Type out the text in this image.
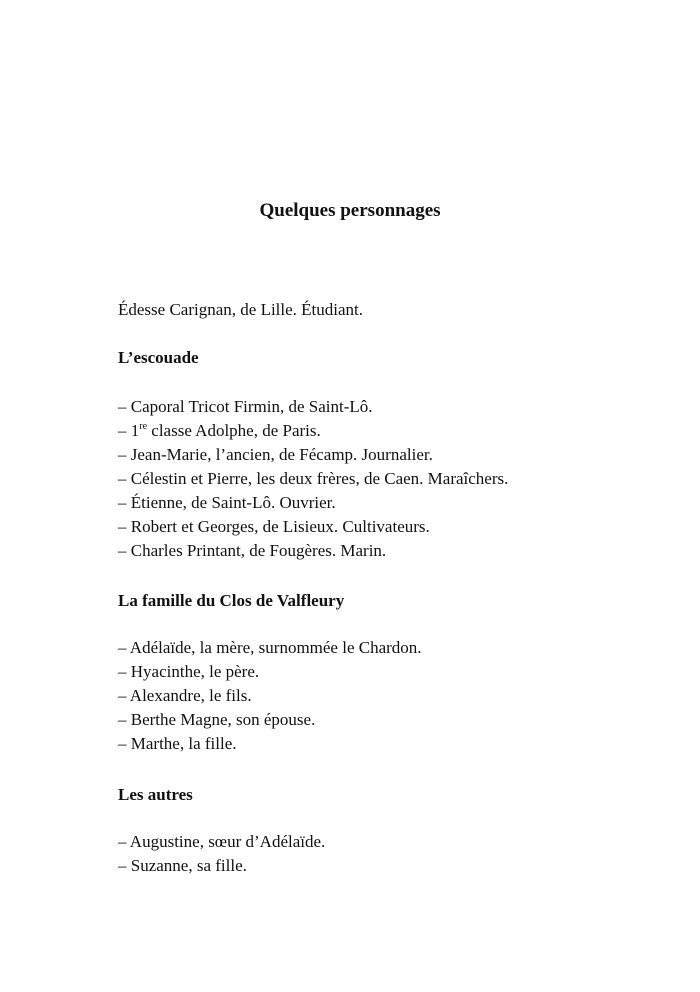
Quelques personnages
Édesse Carignan, de Lille. Étudiant.
L’escouade
– Caporal Tricot Firmin, de Saint-Lô.
– 1re classe Adolphe, de Paris.
– Jean-Marie, l’ancien, de Fécamp. Journalier.
– Célestin et Pierre, les deux frères, de Caen. Maraîchers.
– Étienne, de Saint-Lô. Ouvrier.
– Robert et Georges, de Lisieux. Cultivateurs.
– Charles Printant, de Fougères. Marin.
La famille du Clos de Valfleury
– Adélaïde, la mère, surnommée le Chardon.
– Hyacinthe, le père.
– Alexandre, le fils.
– Berthe Magne, son épouse.
– Marthe, la fille.
Les autres
– Augustine, sœur d’Adélaïde.
– Suzanne, sa fille.
